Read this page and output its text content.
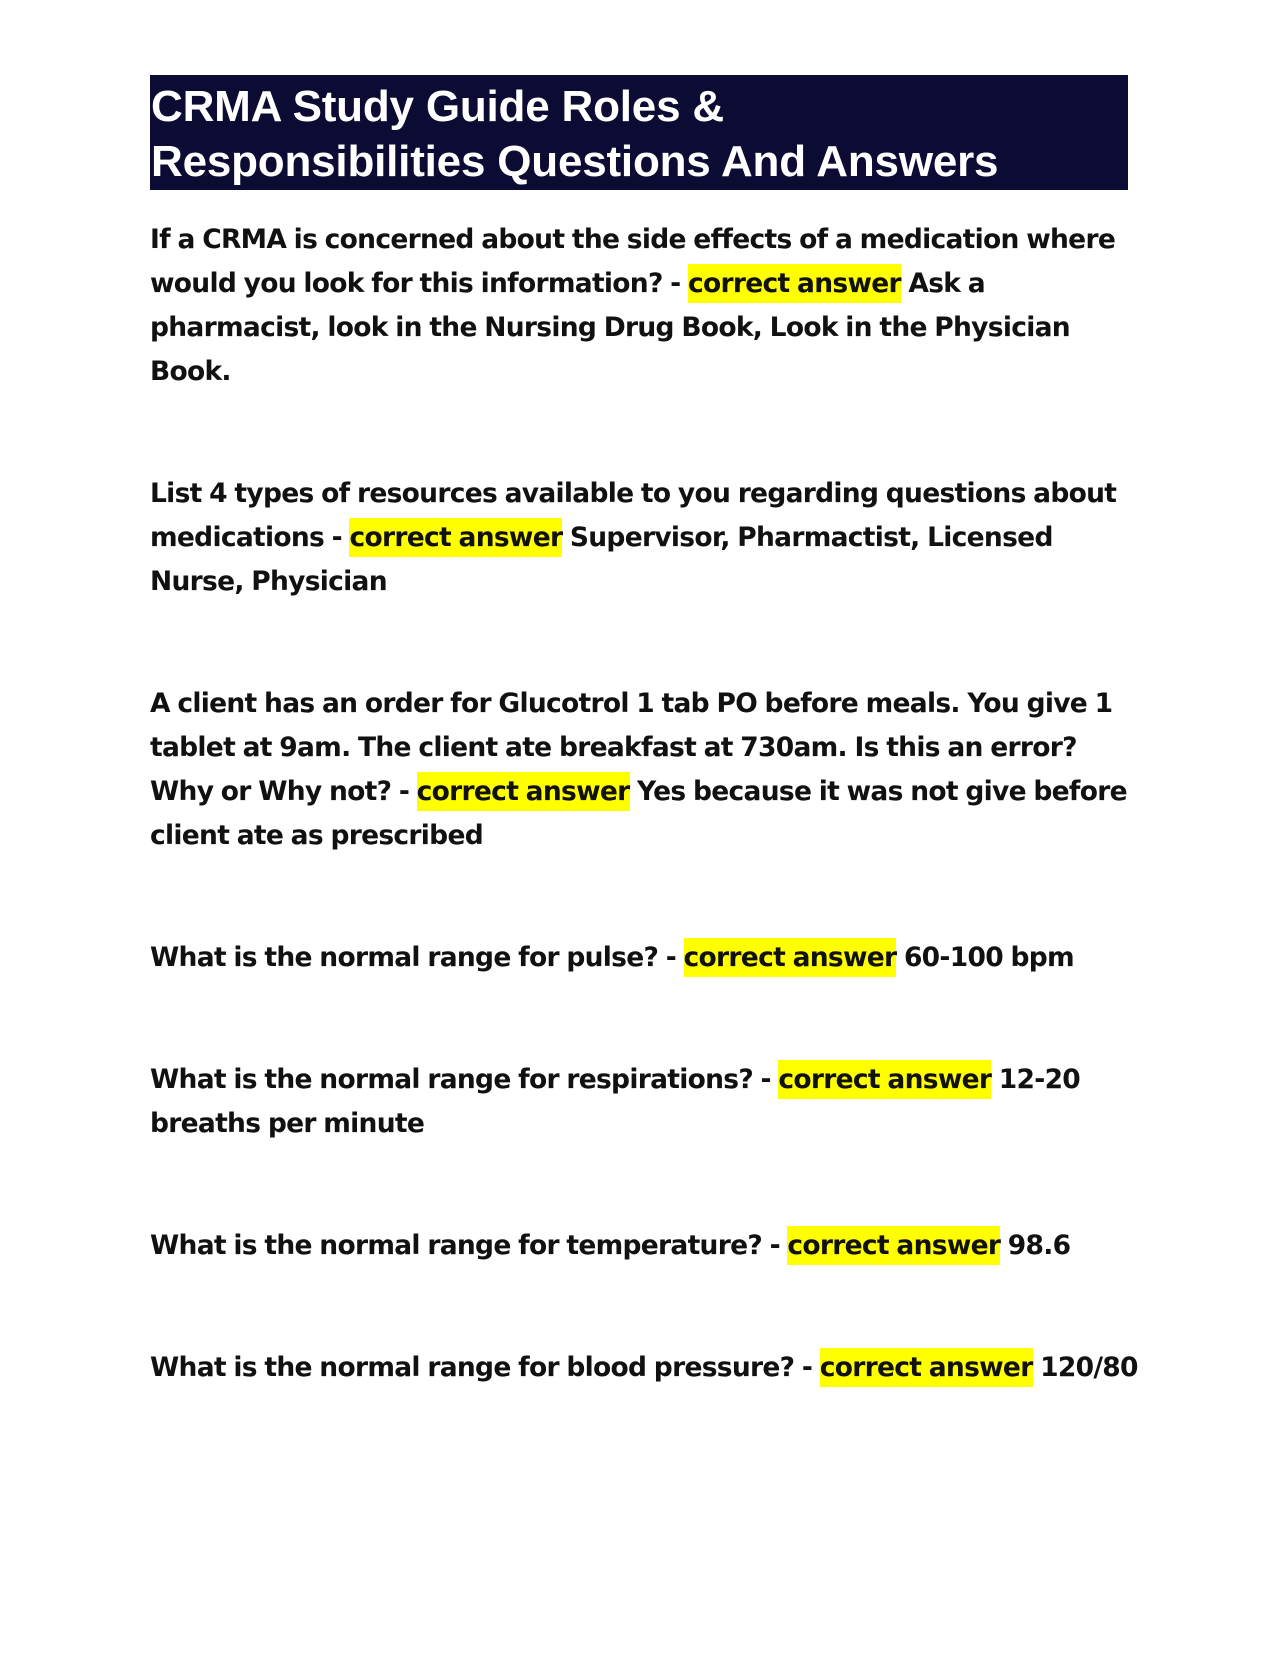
CRMA Study Guide Roles &
Responsibilities Questions And Answers

If a CRMA is concerned about the side effects of a medication where would you look for this information? - correct answer Ask a pharmacist, look in the Nursing Drug Book, Look in the Physician Book.

List 4 types of resources available to you regarding questions about medications - correct answer Supervisor, Pharmactist, Licensed Nurse, Physician

A client has an order for Glucotrol 1 tab PO before meals. You give 1 tablet at 9am. The client ate breakfast at 730am. Is this an error? Why or Why not? - correct answer Yes because it was not give before client ate as prescribed

What is the normal range for pulse? - correct answer 60-100 bpm

What is the normal range for respirations? - correct answer 12-20 breaths per minute

What is the normal range for temperature? - correct answer 98.6

What is the normal range for blood pressure? - correct answer 120/80
